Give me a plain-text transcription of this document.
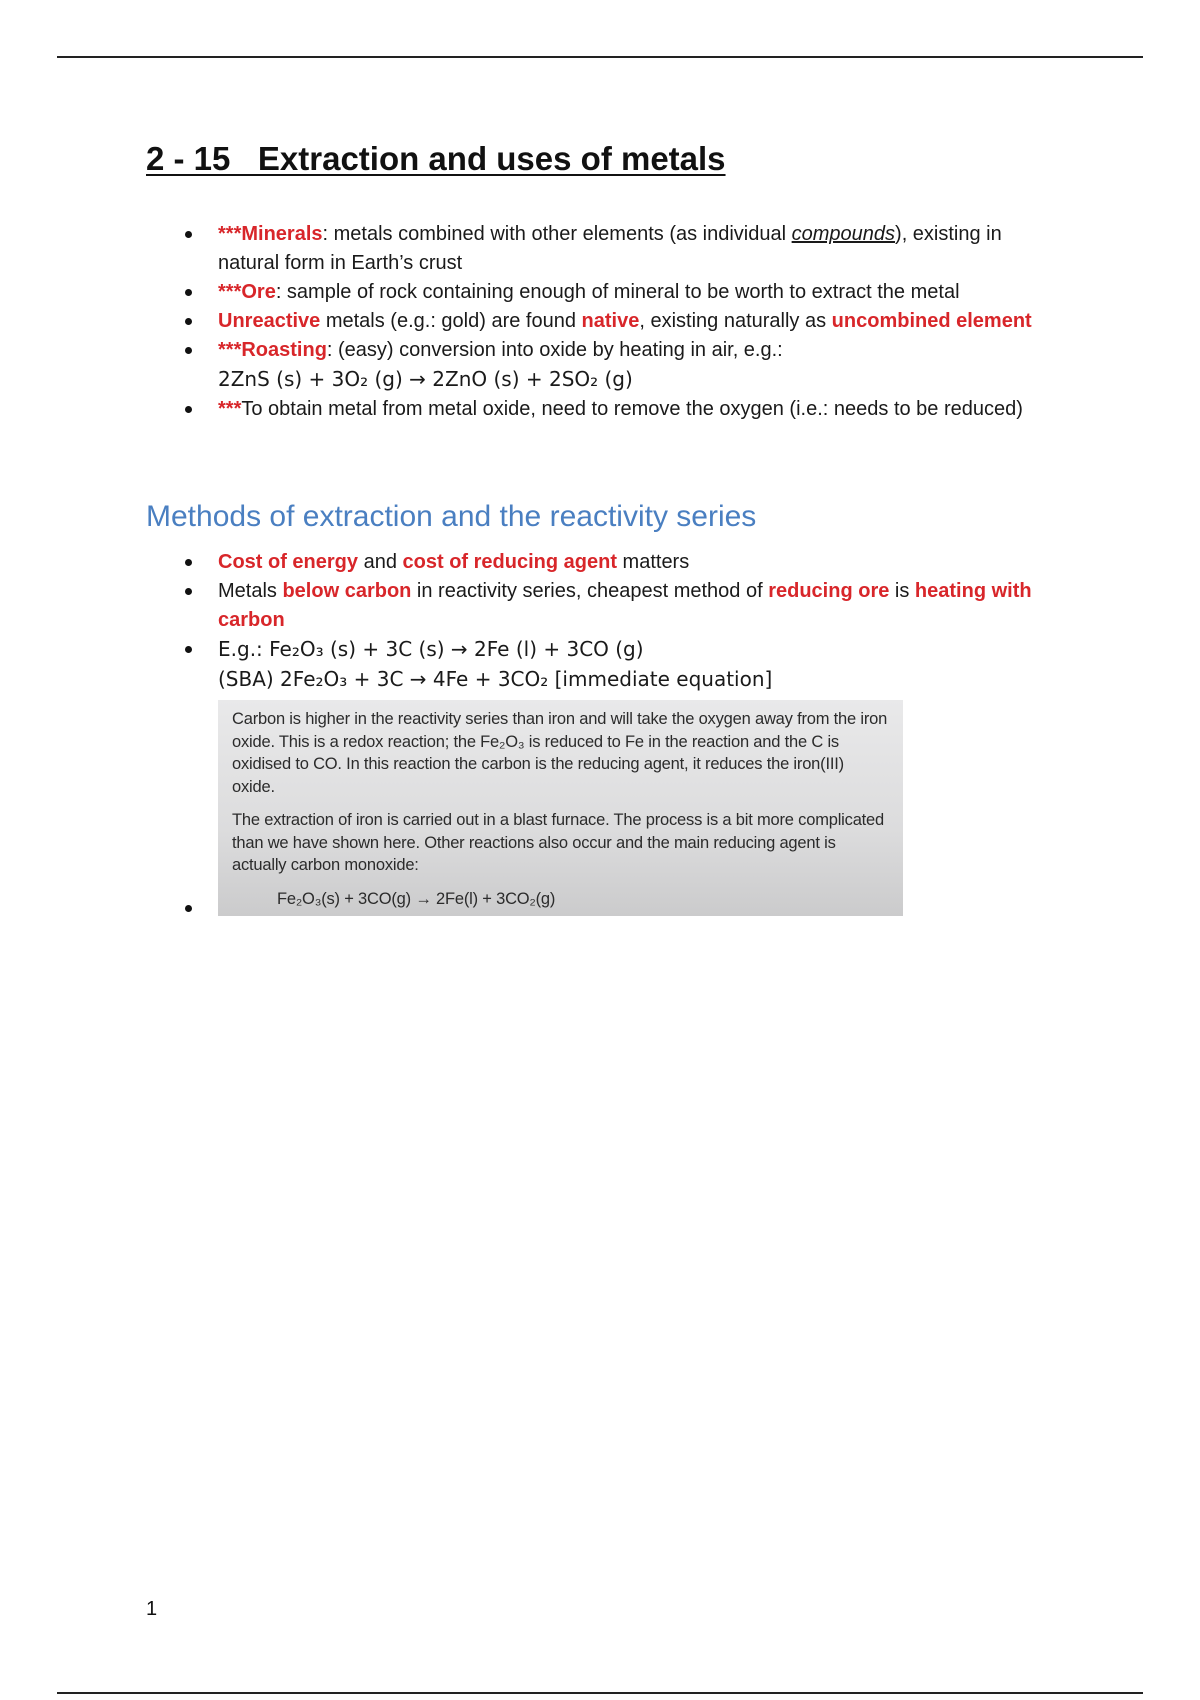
2 - 15   Extraction and uses of metals
***Minerals: metals combined with other elements (as individual compounds), existing in natural form in Earth’s crust
***Ore: sample of rock containing enough of mineral to be worth to extract the metal
Unreactive metals (e.g.: gold) are found native, existing naturally as uncombined element
***Roasting: (easy) conversion into oxide by heating in air, e.g.:
2ZnS (s) + 3O₂ (g) → 2ZnO (s) + 2SO₂ (g)
***To obtain metal from metal oxide, need to remove the oxygen (i.e.: needs to be reduced)
Methods of extraction and the reactivity series
Cost of energy and cost of reducing agent matters
Metals below carbon in reactivity series, cheapest method of reducing ore is heating with carbon
E.g.: Fe₂O₃ (s) + 3C (s) → 2Fe (l) + 3CO (g)
(SBA) 2Fe₂O₃ + 3C → 4Fe + 3CO₂ [immediate equation]

Carbon is higher in the reactivity series than iron and will take the oxygen away from the iron oxide. This is a redox reaction; the Fe₂O₃ is reduced to Fe in the reaction and the C is oxidised to CO. In this reaction the carbon is the reducing agent, it reduces the iron(III) oxide.

The extraction of iron is carried out in a blast furnace. The process is a bit more complicated than we have shown here. Other reactions also occur and the main reducing agent is actually carbon monoxide:

Fe₂O₃(s) + 3CO(g) → 2Fe(l) + 3CO₂(g)

1
